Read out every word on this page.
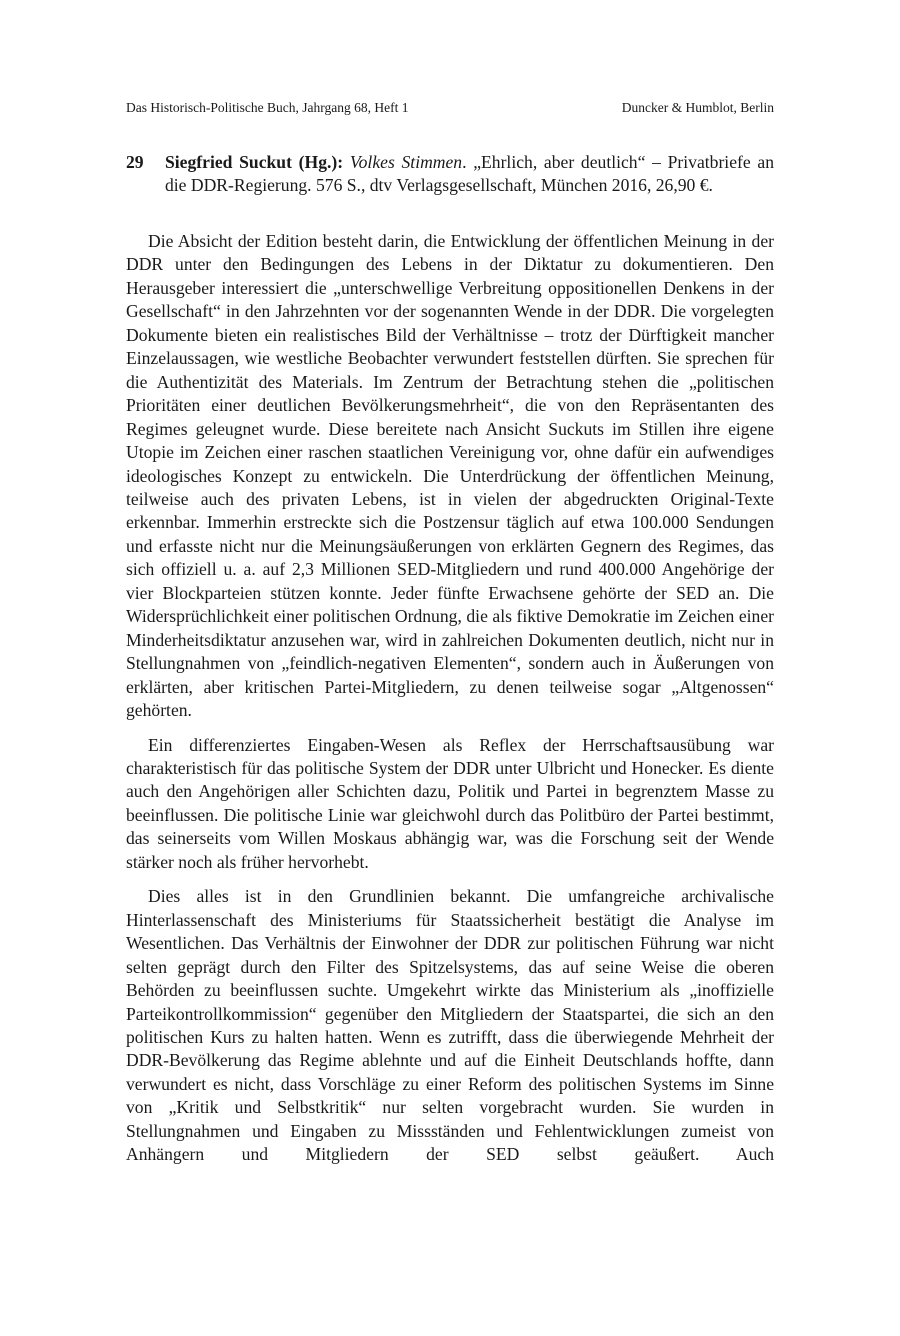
Das Historisch-Politische Buch, Jahrgang 68, Heft 1	Duncker & Humblot, Berlin
29 Siegfried Suckut (Hg.): Volkes Stimmen. „Ehrlich, aber deutlich“ – Privatbriefe an die DDR-Regierung. 576 S., dtv Verlagsgesellschaft, München 2016, 26,90 €.

Die Absicht der Edition besteht darin, die Entwicklung der öffentlichen Meinung in der DDR unter den Bedingungen des Lebens in der Diktatur zu dokumentieren. Den Herausgeber interessiert die „unterschwellige Verbreitung oppositionellen Denkens in der Gesellschaft“ in den Jahrzehnten vor der sogenannten Wende in der DDR. Die vorgelegten Dokumente bieten ein realistisches Bild der Verhältnisse – trotz der Dürftigkeit mancher Einzelaussagen, wie westliche Beobachter verwundert feststellen dürften. Sie sprechen für die Authentizität des Materials. Im Zentrum der Betrachtung stehen die „politischen Prioritäten einer deutlichen Bevölkerungsmehrheit“, die von den Repräsentanten des Regimes geleugnet wurde. Diese bereitete nach Ansicht Suckuts im Stillen ihre eigene Utopie im Zeichen einer raschen staatlichen Vereinigung vor, ohne dafür ein aufwendiges ideologisches Konzept zu entwickeln. Die Unterdrückung der öffentlichen Meinung, teilweise auch des privaten Lebens, ist in vielen der abgedruckten Original-Texte erkennbar. Immerhin erstreckte sich die Postzensur täglich auf etwa 100.000 Sendungen und erfasste nicht nur die Meinungsäußerungen von erklärten Gegnern des Regimes, das sich offiziell u. a. auf 2,3 Millionen SED-Mitgliedern und rund 400.000 Angehörige der vier Blockparteien stützen konnte. Jeder fünfte Erwachsene gehörte der SED an. Die Widersprüchlichkeit einer politischen Ordnung, die als fiktive Demokratie im Zeichen einer Minderheitsdiktatur anzusehen war, wird in zahlreichen Dokumenten deutlich, nicht nur in Stellungnahmen von „feindlich-negativen Elementen“, sondern auch in Äußerungen von erklärten, aber kritischen Partei-Mitgliedern, zu denen teilweise sogar „Altgenossen“ gehörten.

Ein differenziertes Eingaben-Wesen als Reflex der Herrschaftsausübung war charakteristisch für das politische System der DDR unter Ulbricht und Honecker. Es diente auch den Angehörigen aller Schichten dazu, Politik und Partei in begrenztem Masse zu beeinflussen. Die politische Linie war gleichwohl durch das Politbüro der Partei bestimmt, das seinerseits vom Willen Moskaus abhängig war, was die Forschung seit der Wende stärker noch als früher hervorhebt.

Dies alles ist in den Grundlinien bekannt. Die umfangreiche archivalische Hinterlassenschaft des Ministeriums für Staatssicherheit bestätigt die Analyse im Wesentlichen. Das Verhältnis der Einwohner der DDR zur politischen Führung war nicht selten geprägt durch den Filter des Spitzelsystems, das auf seine Weise die oberen Behörden zu beeinflussen suchte. Umgekehrt wirkte das Ministerium als „inoffizielle Parteikontrollkommission“ gegenüber den Mitgliedern der Staatspartei, die sich an den politischen Kurs zu halten hatten. Wenn es zutrifft, dass die überwiegende Mehrheit der DDR-Bevölkerung das Regime ablehnte und auf die Einheit Deutschlands hoffte, dann verwundert es nicht, dass Vorschläge zu einer Reform des politischen Systems im Sinne von „Kritik und Selbstkritik“ nur selten vorgebracht wurden. Sie wurden in Stellungnahmen und Eingaben zu Missständen und Fehlentwicklungen zumeist von Anhängern und Mitgliedern der SED selbst geäußert. Auch
